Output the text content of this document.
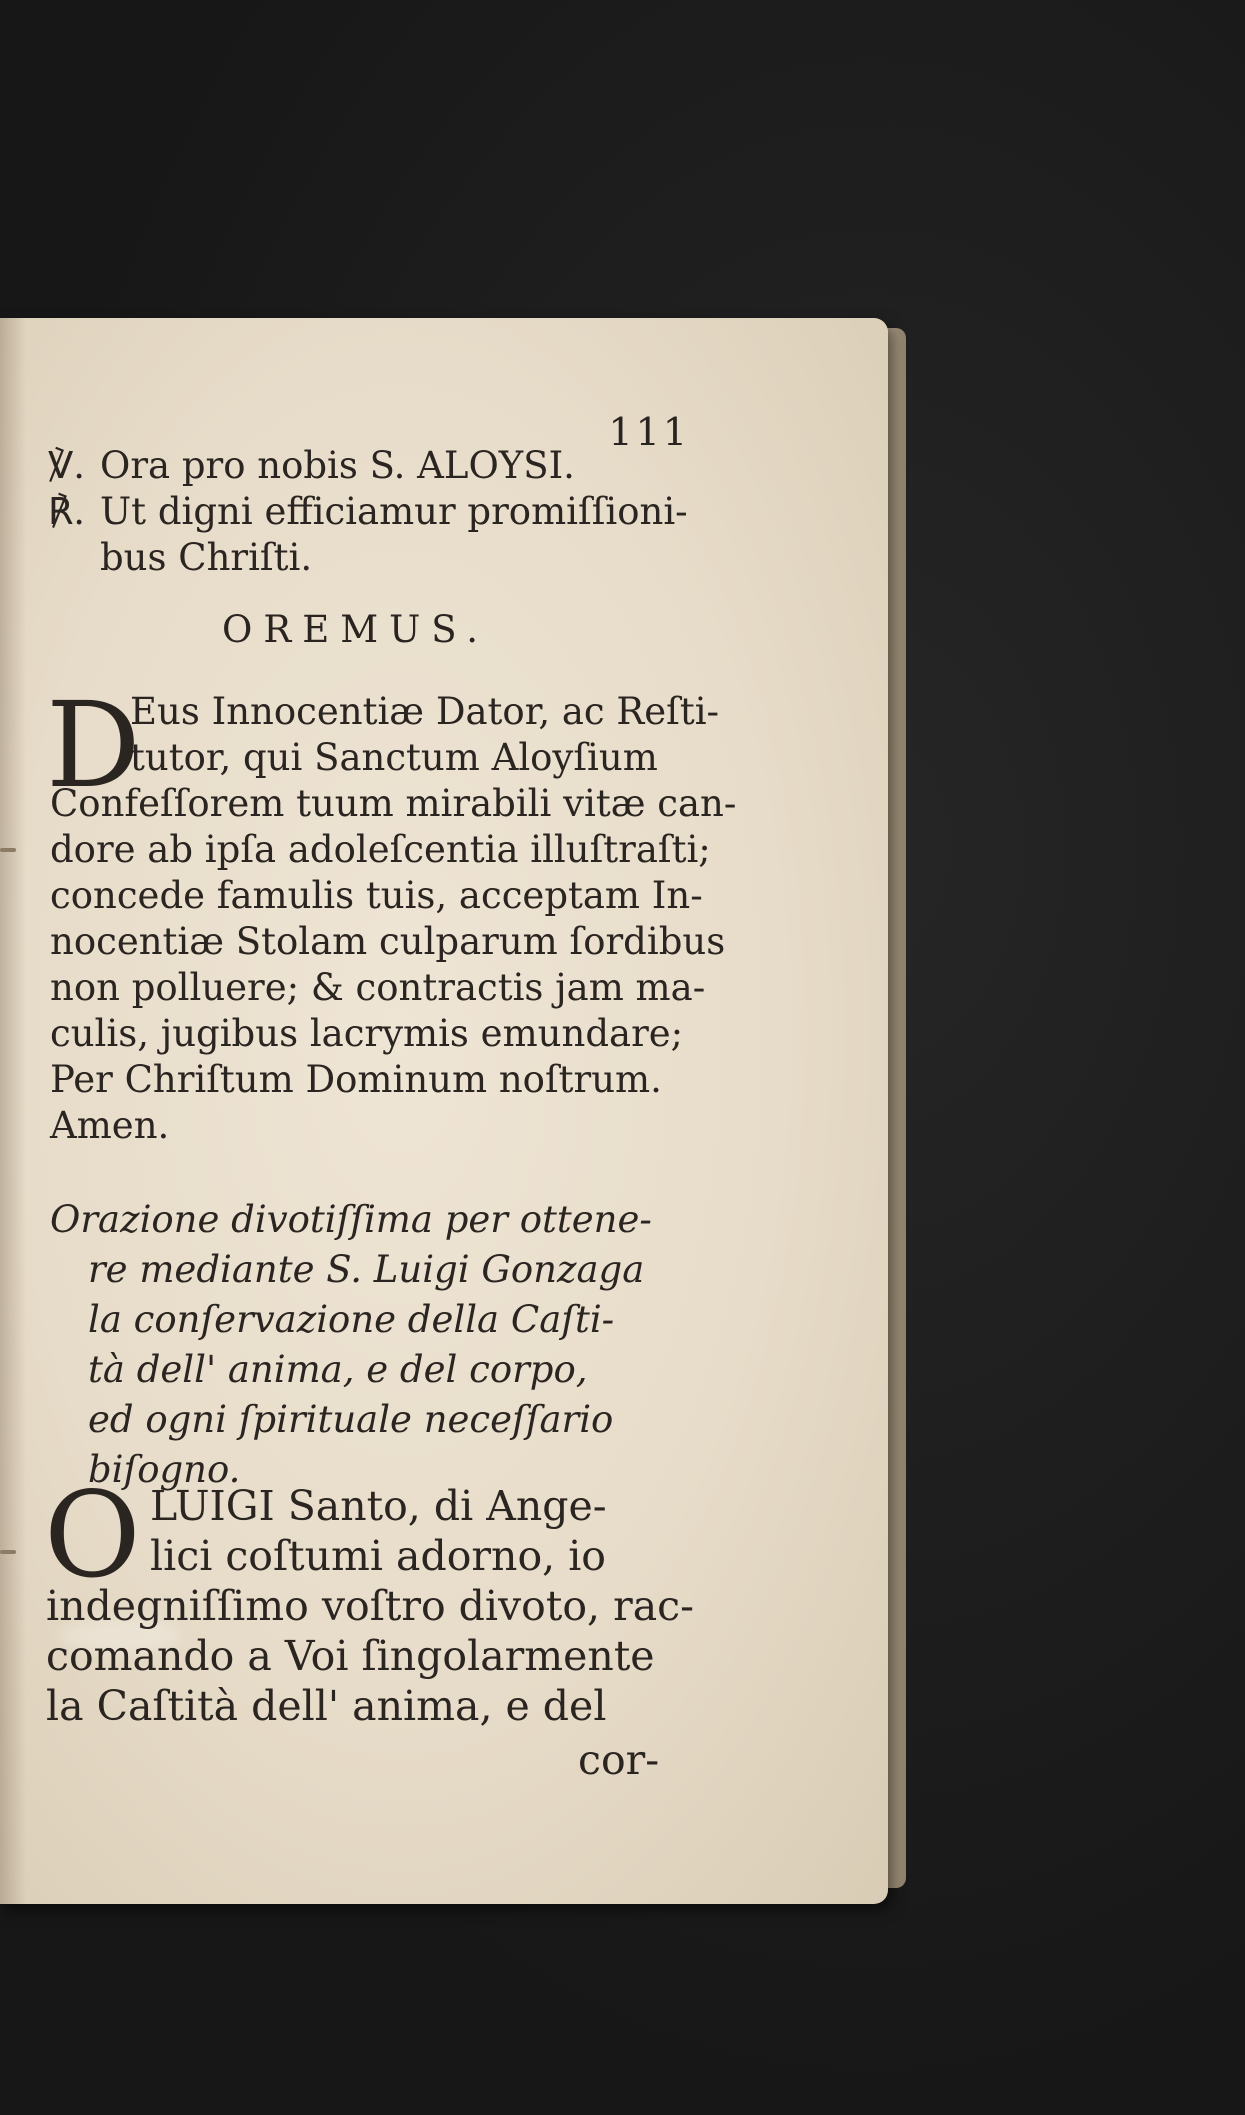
111
℣. Ora pro nobis S. ALOYSI.
℟. Ut digni efficiamur promiſſioni-
bus Chriſti.
OREMUS.
D
Eus Innocentiæ Dator, ac Reſti-
tutor, qui Sanctum Aloyſium
Confeſſorem tuum mirabili vitæ can-
dore ab ipſa adoleſcentia illuſtraſti;
concede famulis tuis, acceptam In-
nocentiæ Stolam culparum ſordibus
non polluere; & contractis jam ma-
culis, jugibus lacrymis emundare;
Per Chriſtum Dominum noſtrum.
Amen.
Orazione divotiſſima per ottene-
re mediante S. Luigi Gonzaga
la conſervazione della Caſti-
tà dell' anima, e del corpo,
ed ogni ſpirituale neceſſario
biſogno.
O LUIGI Santo, di Ange-
lici coſtumi adorno, io
indegniſſimo voſtro divoto, rac-
comando a Voi ſingolarmente
la Caſtità dell' anima, e del
cor-
